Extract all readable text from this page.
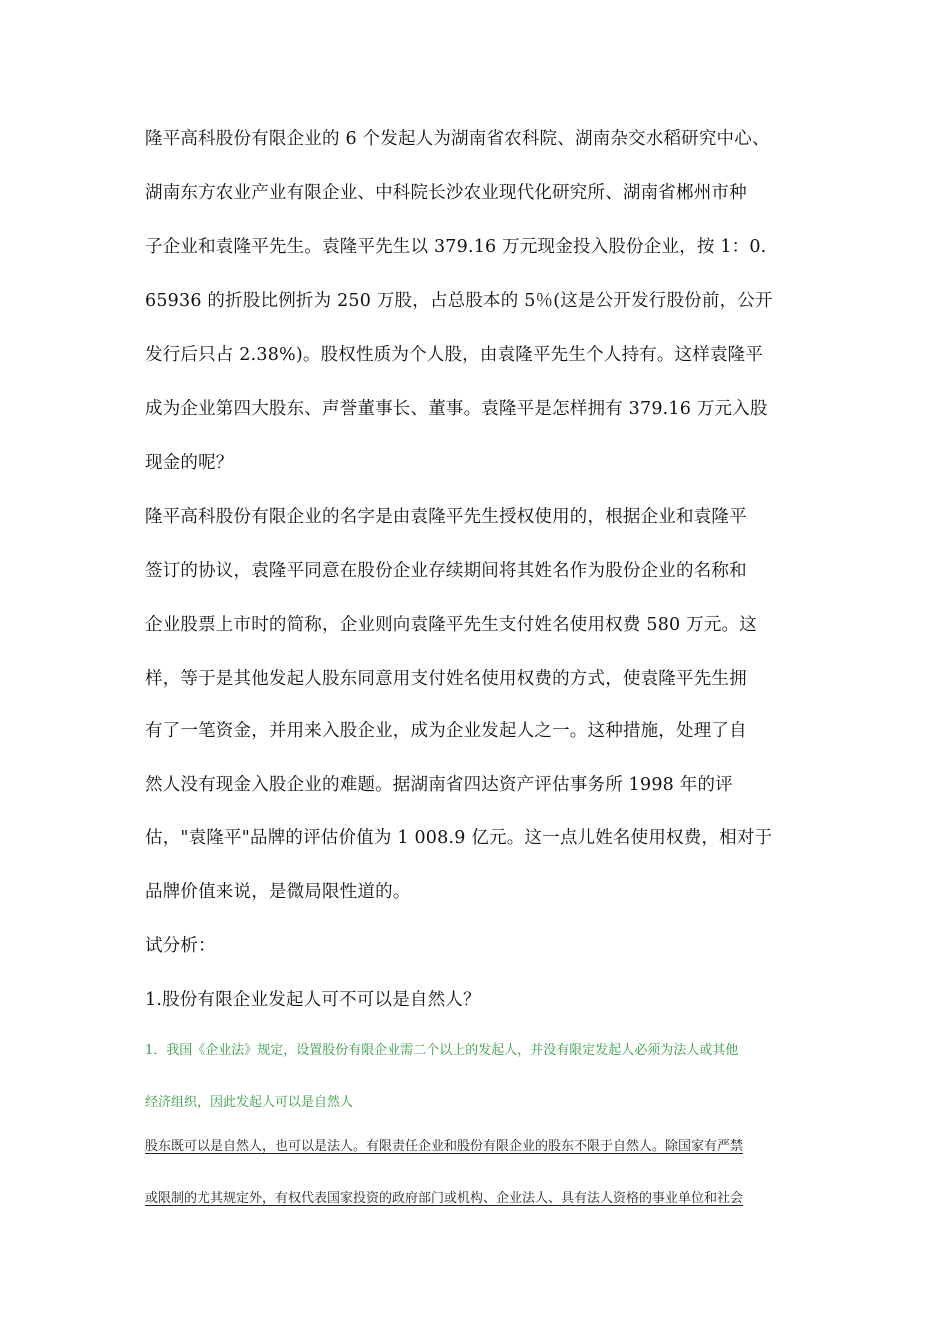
隆平高科股份有限企业的 6 个发起人为湖南省农科院、湖南杂交水稻研究中心、
湖南东方农业产业有限企业、中科院长沙农业现代化研究所、湖南省郴州市种
子企业和袁隆平先生。袁隆平先生以 379.16 万元现金投入股份企业，按 1：0.
65936 的折股比例折为 250 万股，占总股本的 5％(这是公开发行股份前，公开
发行后只占 2.38%)。股权性质为个人股，由袁隆平先生个人持有。这样袁隆平
成为企业第四大股东、声誉董事长、董事。袁隆平是怎样拥有 379.16 万元入股
现金的呢？
隆平高科股份有限企业的名字是由袁隆平先生授权使用的，根据企业和袁隆平
签订的协议，袁隆平同意在股份企业存续期间将其姓名作为股份企业的名称和
企业股票上市时的简称，企业则向袁隆平先生支付姓名使用权费 580 万元。这
样，等于是其他发起人股东同意用支付姓名使用权费的方式，使袁隆平先生拥
有了一笔资金，并用来入股企业，成为企业发起人之一。这种措施，处理了自
然人没有现金入股企业的难题。据湖南省四达资产评估事务所 1998 年的评
估，"袁隆平"品牌的评估价值为 1 008.9 亿元。这一点儿姓名使用权费，相对于
品牌价值来说，是微局限性道的。
试分析：
1.股份有限企业发起人可不可以是自然人？
1．我国《企业法》规定，设置股份有限企业需二个以上的发起人，并没有限定发起人必须为法人或其他
经济组织，因此发起人可以是自然人
股东既可以是自然人，也可以是法人。有限责任企业和股份有限企业的股东不限于自然人。除国家有严禁
或限制的尤其规定外，有权代表国家投资的政府部门或机构、企业法人、具有法人资格的事业单位和社会
